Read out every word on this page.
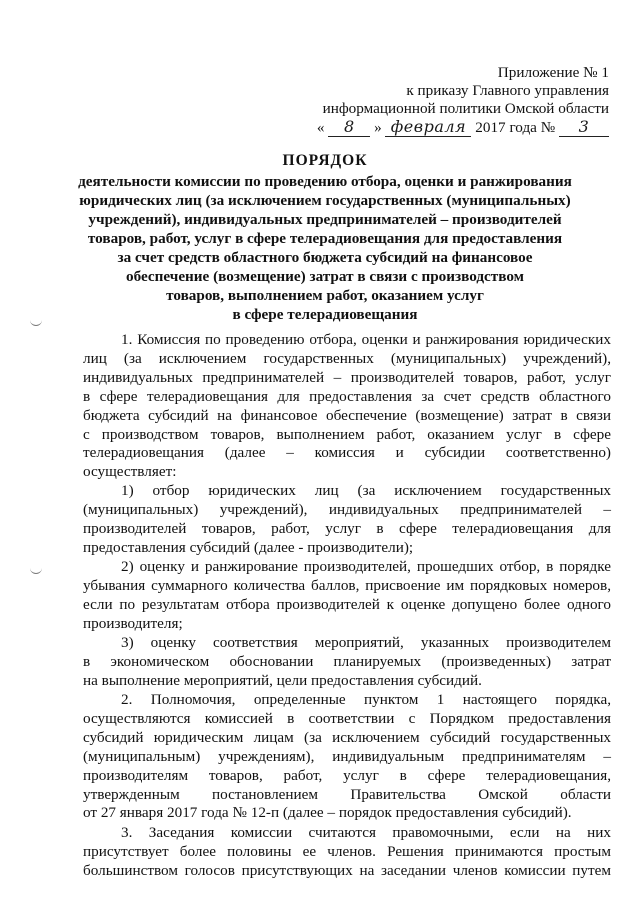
Приложение № 1
к приказу Главного управления
информационной политики Омской области
« 8 » февраля 2017 года № 3
ПОРЯДОК
деятельности комиссии по проведению отбора, оценки и ранжирования
юридических лиц (за исключением государственных (муниципальных)
учреждений), индивидуальных предпринимателей – производителей
товаров, работ, услуг в сфере телерадиовещания для предоставления
за счет средств областного бюджета субсидий на финансовое
обеспечение (возмещение) затрат в связи с производством
товаров, выполнением работ, оказанием услуг
в сфере телерадиовещания
1. Комиссия по проведению отбора, оценки и ранжирования юридических
лиц (за исключением государственных (муниципальных) учреждений),
индивидуальных предпринимателей – производителей товаров, работ, услуг
в сфере телерадиовещания для предоставления за счет средств областного
бюджета субсидий на финансовое обеспечение (возмещение) затрат в связи
с производством товаров, выполнением работ, оказанием услуг в сфере
телерадиовещания (далее – комиссия и субсидии соответственно)
осуществляет:
1) отбор юридических лиц (за исключением государственных
(муниципальных) учреждений), индивидуальных предпринимателей –
производителей товаров, работ, услуг в сфере телерадиовещания для
предоставления субсидий (далее - производители);
2) оценку и ранжирование производителей, прошедших отбор, в порядке
убывания суммарного количества баллов, присвоение им порядковых номеров,
если по результатам отбора производителей к оценке допущено более одного
производителя;
3) оценку соответствия мероприятий, указанных производителем
в экономическом обосновании планируемых (произведенных) затрат
на выполнение мероприятий, цели предоставления субсидий.
2. Полномочия, определенные пунктом 1 настоящего порядка,
осуществляются комиссией в соответствии с Порядком предоставления
субсидий юридическим лицам (за исключением субсидий государственных
(муниципальным) учреждениям), индивидуальным предпринимателям –
производителям товаров, работ, услуг в сфере телерадиовещания,
утвержденным постановлением Правительства Омской области
от 27 января 2017 года № 12-п (далее – порядок предоставления субсидий).
3. Заседания комиссии считаются правомочными, если на них
присутствует более половины ее членов. Решения принимаются простым
большинством голосов присутствующих на заседании членов комиссии путем
